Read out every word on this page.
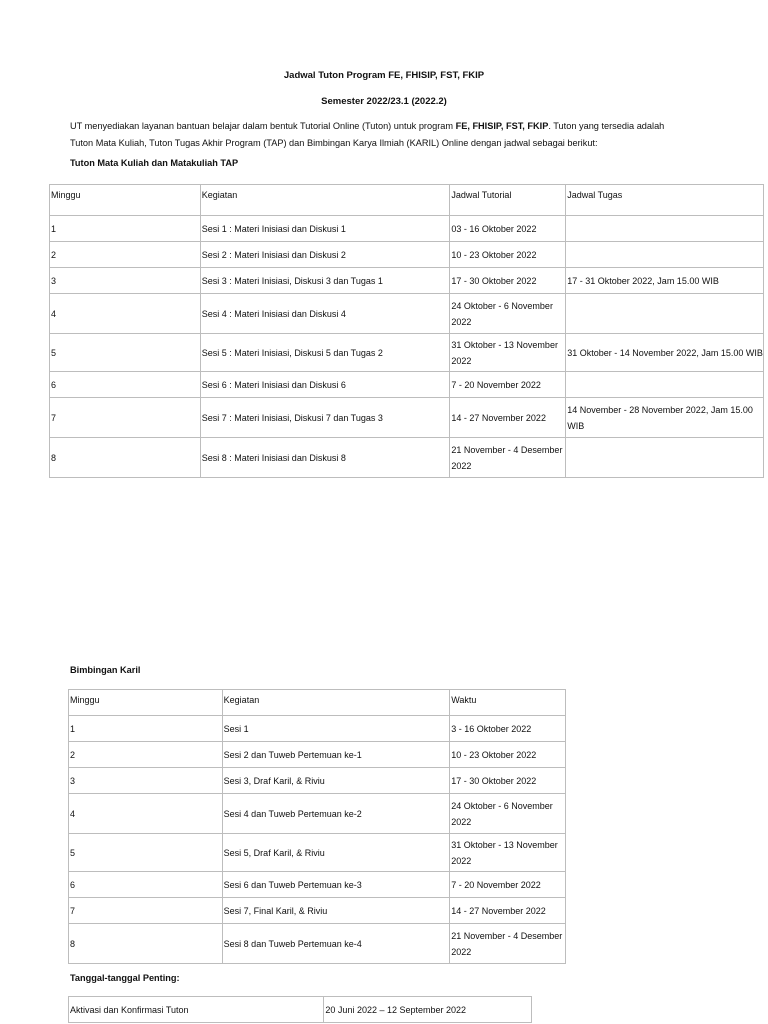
Jadwal Tuton Program FE, FHISIP, FST, FKIP
Semester 2022/23.1 (2022.2)
UT menyediakan layanan bantuan belajar dalam bentuk Tutorial Online (Tuton) untuk program FE, FHISIP, FST, FKIP. Tuton yang tersedia adalah
Tuton Mata Kuliah, Tuton Tugas Akhir Program (TAP) dan Bimbingan Karya Ilmiah (KARIL) Online dengan jadwal sebagai berikut:
Tuton Mata Kuliah dan Matakuliah TAP
Minggu	Kegiatan	Jadwal Tutorial	Jadwal Tugas
1	Sesi 1 : Materi Inisiasi dan Diskusi 1	03 - 16 Oktober 2022	
2	Sesi 2 : Materi Inisiasi dan Diskusi 2	10 - 23 Oktober 2022	
3	Sesi 3 : Materi Inisiasi, Diskusi 3 dan Tugas 1	17 - 30 Oktober 2022	17 - 31 Oktober 2022, Jam 15.00 WIB
4	Sesi 4 : Materi Inisiasi dan Diskusi 4	24 Oktober - 6 November 2022	
5	Sesi 5 : Materi Inisiasi, Diskusi 5 dan Tugas 2	31 Oktober - 13 November 2022	31 Oktober - 14 November 2022, Jam 15.00 WIB
6	Sesi 6 : Materi Inisiasi dan Diskusi 6	7 - 20 November 2022	
7	Sesi 7 : Materi Inisiasi, Diskusi 7 dan Tugas 3	14 - 27 November 2022	14 November - 28 November 2022, Jam 15.00 WIB
8	Sesi 8 : Materi Inisiasi dan Diskusi 8	21 November - 4 Desember 2022	
Bimbingan Karil
Minggu	Kegiatan	Waktu
1	Sesi 1	3 - 16 Oktober 2022
2	Sesi 2 dan Tuweb Pertemuan ke-1	10 - 23 Oktober 2022
3	Sesi 3, Draf Karil, & Riviu	17 - 30 Oktober 2022
4	Sesi 4 dan Tuweb Pertemuan ke-2	24 Oktober - 6 November 2022
5	Sesi 5, Draf Karil, & Riviu	31 Oktober - 13 November 2022
6	Sesi 6 dan Tuweb Pertemuan ke-3	7 - 20 November 2022
7	Sesi 7, Final Karil, & Riviu	14 - 27 November 2022
8	Sesi 8 dan Tuweb Pertemuan ke-4	21 November - 4 Desember 2022
Tanggal-tanggal Penting:
Aktivasi dan Konfirmasi Tuton	20 Juni 2022 – 12 September 2022
